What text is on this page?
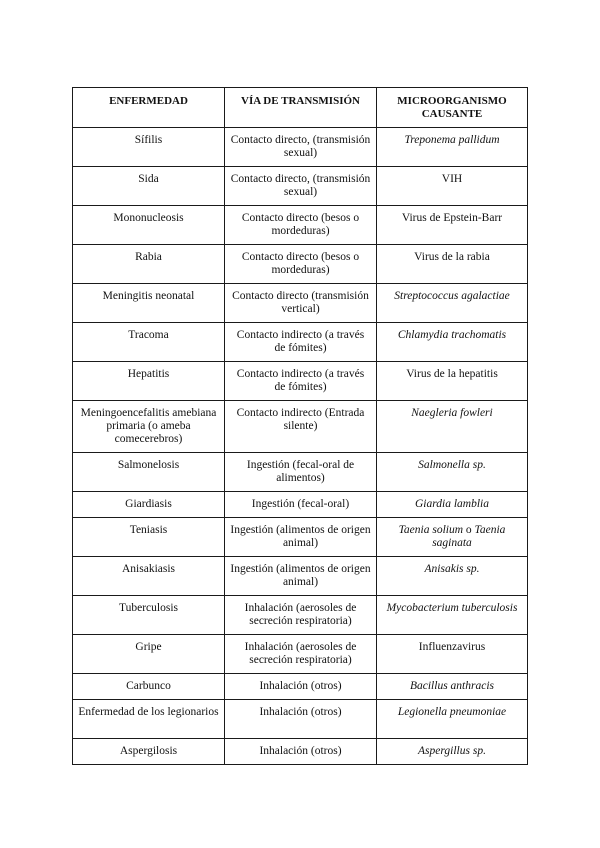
ENFERMEDAD	VÍA DE TRANSMISIÓN	MICROORGANISMO CAUSANTE
Sífilis	Contacto directo, (transmisión sexual)	Treponema pallidum
Sida	Contacto directo, (transmisión sexual)	VIH
Mononucleosis	Contacto directo (besos o mordeduras)	Virus de Epstein-Barr
Rabia	Contacto directo (besos o mordeduras)	Virus de la rabia
Meningitis neonatal	Contacto directo (transmisión vertical)	Streptococcus agalactiae
Tracoma	Contacto indirecto (a través de fómites)	Chlamydia trachomatis
Hepatitis	Contacto indirecto (a través de fómites)	Virus de la hepatitis
Meningoencefalitis amebiana primaria (o ameba comecerebros)	Contacto indirecto (Entrada silente)	Naegleria fowleri
Salmonelosis	Ingestión (fecal-oral de alimentos)	Salmonella sp.
Giardiasis	Ingestión (fecal-oral)	Giardia lamblia
Teniasis	Ingestión (alimentos de origen animal)	Taenia solium o Taenia saginata
Anisakiasis	Ingestión (alimentos de origen animal)	Anisakis sp.
Tuberculosis	Inhalación (aerosoles de secreción respiratoria)	Mycobacterium tuberculosis
Gripe	Inhalación (aerosoles de secreción respiratoria)	Influenzavirus
Carbunco	Inhalación (otros)	Bacillus anthracis
Enfermedad de los legionarios	Inhalación (otros)	Legionella pneumoniae
Aspergilosis	Inhalación (otros)	Aspergillus sp.
